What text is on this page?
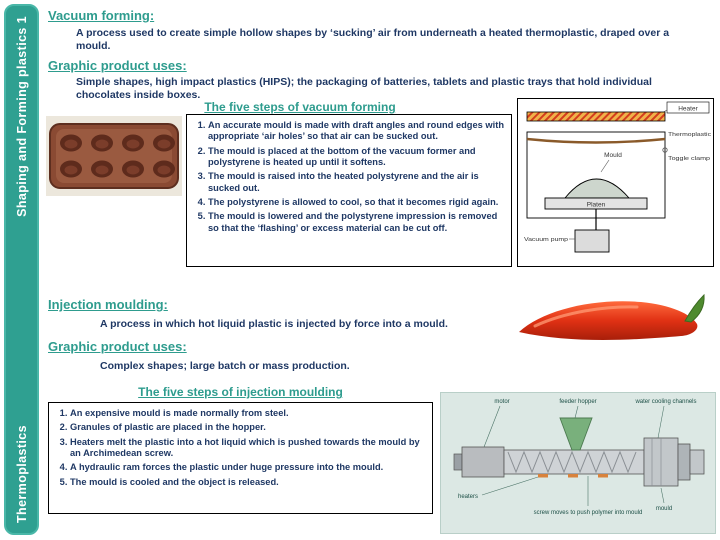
Shaping and Forming plastics 1
Thermoplastics
Vacuum forming:
A process used to create simple hollow shapes by ‘sucking’ air from underneath a heated thermoplastic, draped over a mould.
Graphic product uses:
Simple shapes, high impact plastics (HIPS); the packaging of batteries, tablets and plastic trays that hold individual chocolates inside boxes.
The five steps of vacuum forming
1. An accurate mould is made with draft angles and round edges with appropriate ‘air holes’ so that air can be sucked out.
2. The mould is placed at the bottom of the vacuum former and polystyrene is heated up until it softens.
3. The mould is raised into the heated polystyrene and the air is sucked out.
4. The polystyrene is allowed to cool, so that it becomes rigid again.
5. The mould is lowered and the polystyrene impression is removed so that the ‘flashing’ or excess material can be cut off.
Heater
Thermoplastic
Mould	Toggle clamp
Platen
Vacuum pump
Injection moulding:
A process in which hot liquid plastic is injected by force into a mould.
Graphic product uses:
Complex shapes; large batch or mass production.
The five steps of injection moulding
1. An expensive mould is made normally from steel.
2. Granules of plastic are placed in the hopper.
3. Heaters melt the plastic into a hot liquid which is pushed towards the mould by an Archimedean screw.
4. A hydraulic ram forces the plastic under huge pressure into the mould.
5. The mould is cooled and the object is released.
motor	feeder hopper	water cooling channels
heaters
screw moves to push polymer into mould
mould
